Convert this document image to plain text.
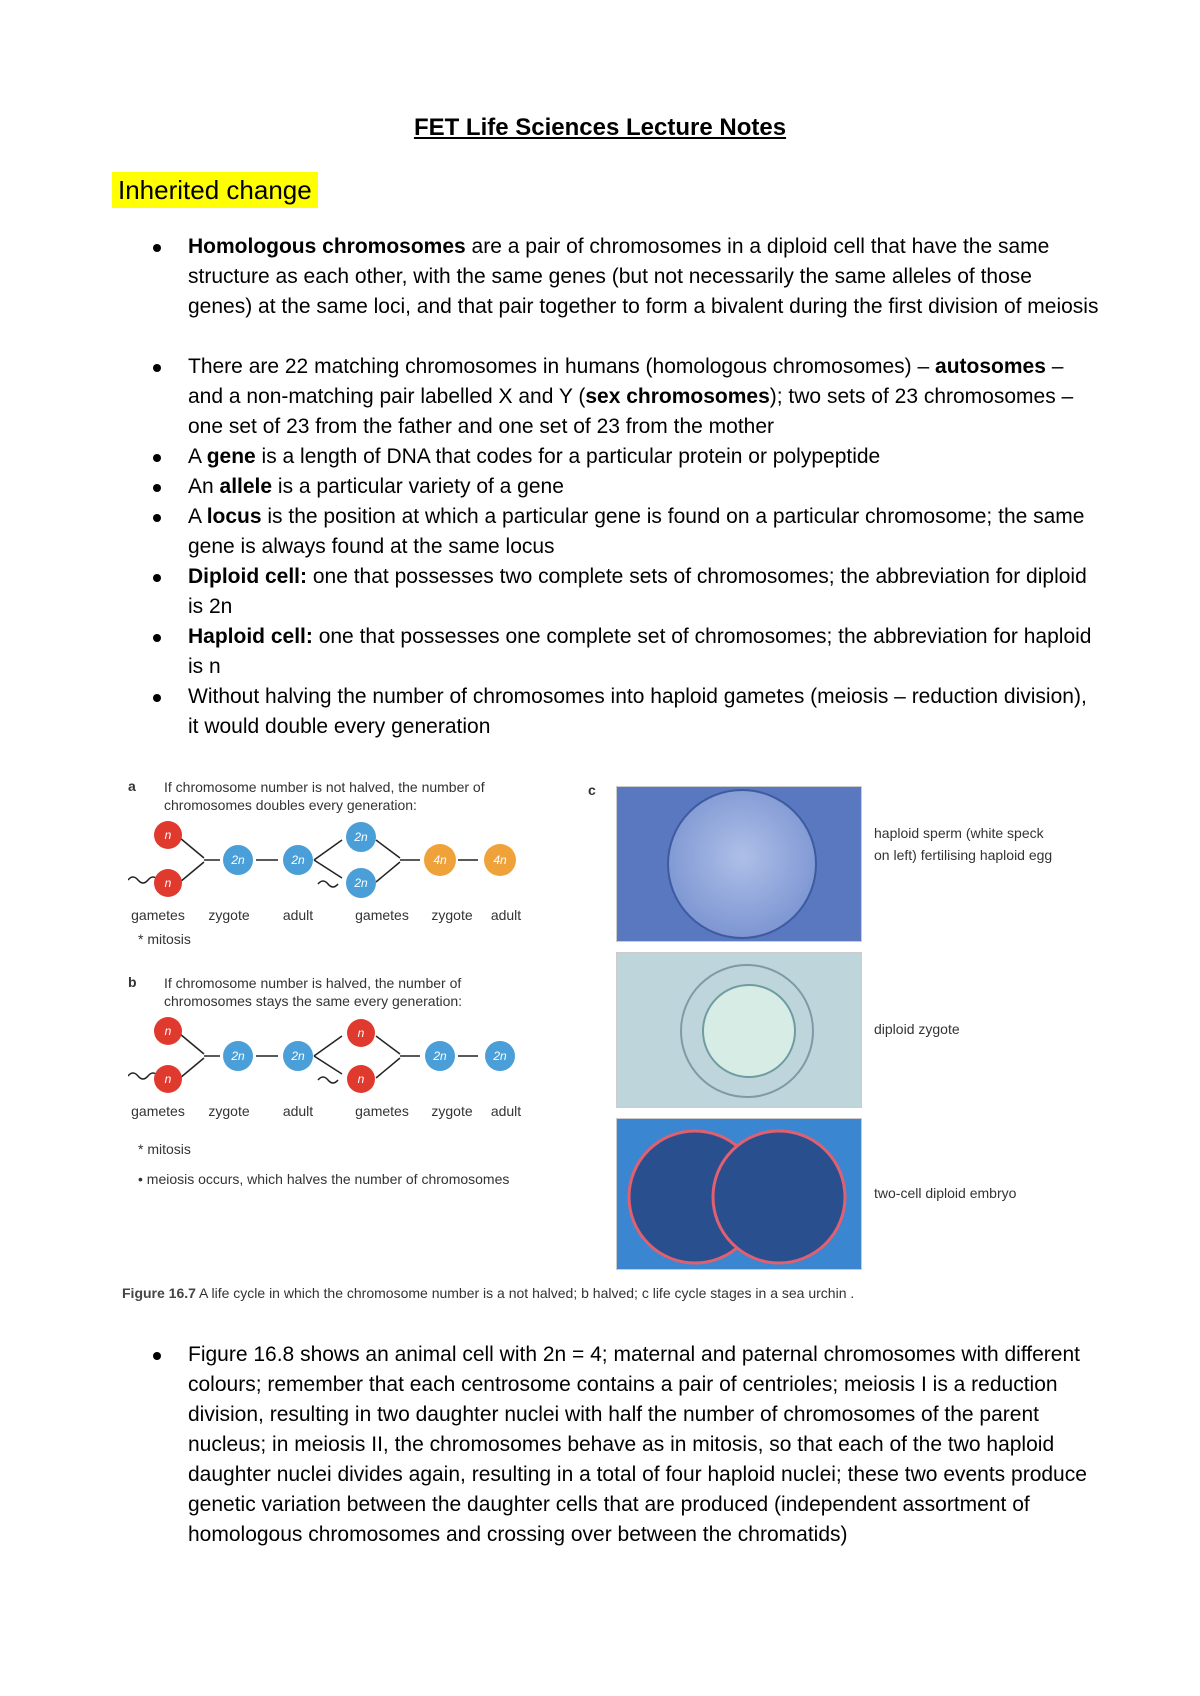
FET Life Sciences Lecture Notes
Inherited change

Homologous chromosomes are a pair of chromosomes in a diploid cell that have the same structure as each other, with the same genes (but not necessarily the same alleles of those genes) at the same loci, and that pair together to form a bivalent during the first division of meiosis

There are 22 matching chromosomes in humans (homologous chromosomes) – autosomes – and a non-matching pair labelled X and Y (sex chromosomes); two sets of 23 chromosomes – one set of 23 from the father and one set of 23 from the mother

A gene is a length of DNA that codes for a particular protein or polypeptide

An allele is a particular variety of a gene

A locus is the position at which a particular gene is found on a particular chromosome; the same gene is always found at the same locus

Diploid cell: one that possesses two complete sets of chromosomes; the abbreviation for diploid is 2n

Haploid cell: one that possesses one complete set of chromosomes; the abbreviation for haploid is n

Without halving the number of chromosomes into haploid gametes (meiosis – reduction division), it would double every generation

a If chromosome number is not halved, the number of chromosomes doubles every generation:
n
n
2n	2n
2n
2n
4n	4n
gametes zygote adult	gametes zygote adult
* mitosis
b If chromosome number is halved, the number of chromosomes stays the same every generation:
n
n
2n	2n
n
n
2n	2n
gametes zygote adult	gametes zygote adult
* mitosis
• meiosis occurs, which halves the number of chromosomes
c
haploid sperm (white speck on left) fertilising haploid egg
diploid zygote
two-cell diploid embryo
Figure 16.7 A life cycle in which the chromosome number is a not halved; b halved; c life cycle stages in a sea urchin .

Figure 16.8 shows an animal cell with 2n = 4; maternal and paternal chromosomes with different colours; remember that each centrosome contains a pair of centrioles; meiosis I is a reduction division, resulting in two daughter nuclei with half the number of chromosomes of the parent nucleus; in meiosis II, the chromosomes behave as in mitosis, so that each of the two haploid daughter nuclei divides again, resulting in a total of four haploid nuclei; these two events produce genetic variation between the daughter cells that are produced (independent assortment of homologous chromosomes and crossing over between the chromatids)
